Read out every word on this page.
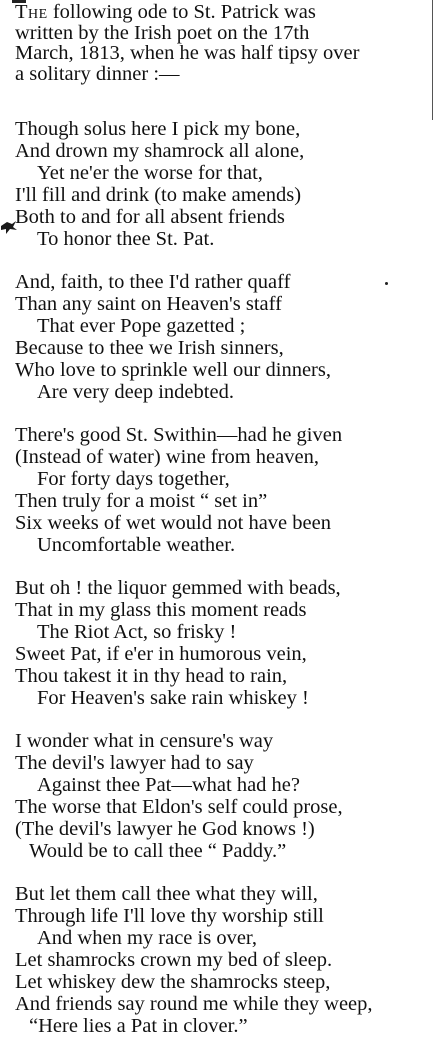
The following ode to St. Patrick was
written by the Irish poet on the 17th
March, 1813, when he was half tipsy over
a solitary dinner :—
Though solus here I pick my bone,
And drown my shamrock all alone,
Yet ne'er the worse for that,
I'll fill and drink (to make amends)
Both to and for all absent friends
To honor thee St. Pat.
And, faith, to thee I'd rather quaff
Than any saint on Heaven's staff
That ever Pope gazetted ;
Because to thee we Irish sinners,
Who love to sprinkle well our dinners,
Are very deep indebted.
There's good St. Swithin—had he given
(Instead of water) wine from heaven,
For forty days together,
Then truly for a moist “ set in”
Six weeks of wet would not have been
Uncomfortable weather.
But oh ! the liquor gemmed with beads,
That in my glass this moment reads
The Riot Act, so frisky !
Sweet Pat, if e'er in humorous vein,
Thou takest it in thy head to rain,
For Heaven's sake rain whiskey !
I wonder what in censure's way
The devil's lawyer had to say
Against thee Pat—what had he?
The worse that Eldon's self could prose,
(The devil's lawyer he God knows !)
Would be to call thee “ Paddy.”
But let them call thee what they will,
Through life I'll love thy worship still
And when my race is over,
Let shamrocks crown my bed of sleep.
Let whiskey dew the shamrocks steep,
And friends say round me while they weep,
“Here lies a Pat in clover.”
